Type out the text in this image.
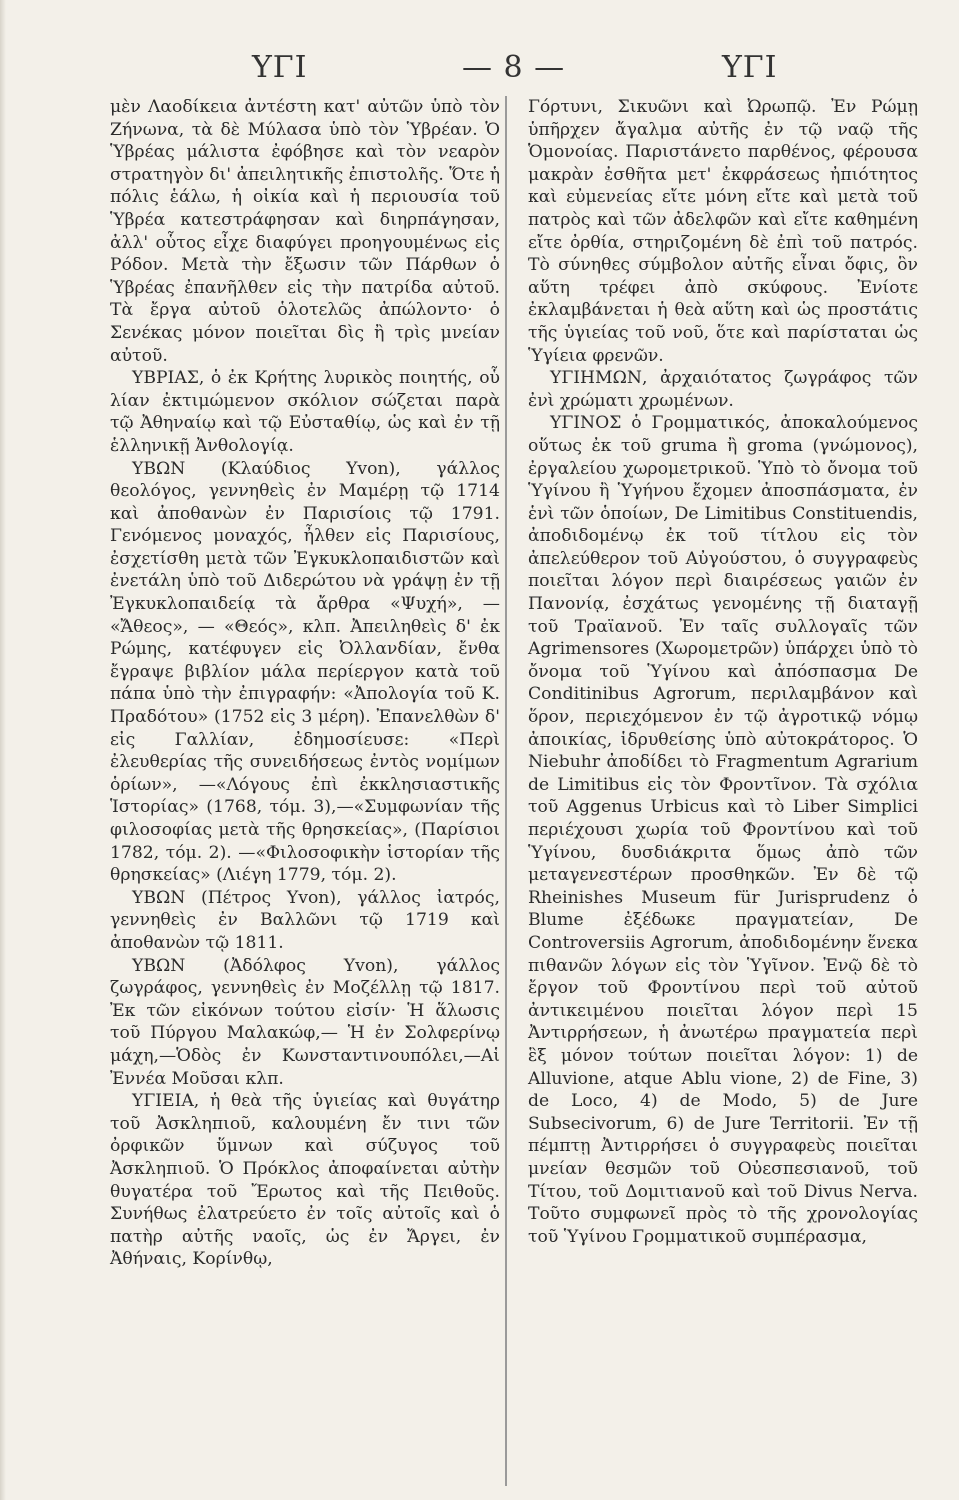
ΥΓΙ	— 8 —	ΥΓΙ

μὲν Λαοδίκεια ἀντέστη κατ' αὐτῶν ὑπὸ τὸν Ζήνωνα, τὰ δὲ Μύλασα ὑπὸ τὸν Ὑβρέαν. Ὁ Ὑβρέας μάλιστα ἐφόβησε καὶ τὸν νεαρὸν στρατηγὸν δι' ἀπειλητικῆς ἐπιστολῆς. Ὅτε ἡ πόλις ἑάλω, ἡ οἰκία καὶ ἡ περιουσία τοῦ Ὑβρέα κατεστράφησαν καὶ διηρπάγησαν, ἀλλ' οὗτος εἶχε διαφύγει προηγουμένως εἰς Ρόδον. Μετὰ τὴν ἔξωσιν τῶν Πάρθων ὁ Ὑβρέας ἐπανῆλθεν εἰς τὴν πατρίδα αὐτοῦ. Τὰ ἔργα αὐτοῦ ὁλοτελῶς ἀπώλοντο· ὁ Σενέκας μόνον ποιεῖται δὶς ἢ τρὶς μνείαν αὐτοῦ.

ΥΒΡΙΑΣ, ὁ ἐκ Κρήτης λυρικὸς ποιητής, οὗ λίαν ἐκτιμώμενον σκόλιον σώζεται παρὰ τῷ Ἀθηναίῳ καὶ τῷ Εὐσταθίῳ, ὡς καὶ ἐν τῇ ἑλληνικῇ Ἀνθολογίᾳ.

ΥΒΩΝ (Κλαύδιος Yvon), γάλλος θεολόγος, γεννηθεὶς ἐν Μαμέρῃ τῷ 1714 καὶ ἀποθανὼν ἐν Παρισίοις τῷ 1791. Γενόμενος μοναχός, ἦλθεν εἰς Παρισίους, ἐσχετίσθη μετὰ τῶν Ἐγκυκλοπαιδιστῶν καὶ ἐνετάλη ὑπὸ τοῦ Διδερώτου νὰ γράψῃ ἐν τῇ Ἐγκυκλοπαιδείᾳ τὰ ἄρθρα «Ψυχή», — «Ἄθεος», — «Θεός», κλπ. Ἀπειληθεὶς δ' ἐκ Ρώμης, κατέφυγεν εἰς Ὀλλανδίαν, ἔνθα ἔγραψε βιβλίον μάλα περίεργον κατὰ τοῦ πάπα ὑπὸ τὴν ἐπιγραφήν: «Ἀπολογία τοῦ Κ. Πραδότου» (1752 εἰς 3 μέρη). Ἐπανελθὼν δ' εἰς Γαλλίαν, ἐδημοσίευσε: «Περὶ ἐλευθερίας τῆς συνειδήσεως ἐντὸς νομίμων ὁρίων», —«Λόγους ἐπὶ ἐκκλησιαστικῆς Ἱστορίας» (1768, τόμ. 3),—«Συμφωνίαν τῆς φιλοσοφίας μετὰ τῆς θρησκείας», (Παρίσιοι 1782, τόμ. 2). —«Φιλοσοφικὴν ἱστορίαν τῆς θρησκείας» (Λιέγη 1779, τόμ. 2).

ΥΒΩΝ (Πέτρος Yvon), γάλλος ἰατρός, γεννηθεὶς ἐν Βαλλῶνι τῷ 1719 καὶ ἀποθανὼν τῷ 1811.

ΥΒΩΝ (Ἀδόλφος Yvon), γάλλος ζωγράφος, γεννηθεὶς ἐν Μοζέλλῃ τῷ 1817. Ἐκ τῶν εἰκόνων τούτου εἰσίν· Ἡ ἅλωσις τοῦ Πύργου Μαλακώφ,— Ἡ ἐν Σολφερίνῳ μάχη,—Ὁδὸς ἐν Κωνσταντινουπόλει,—Αἱ Ἐννέα Μοῦσαι κλπ.

ΥΓΙΕΙΑ, ἡ θεὰ τῆς ὑγιείας καὶ θυγάτηρ τοῦ Ἀσκληπιοῦ, καλουμένη ἔν τινι τῶν ὀρφικῶν ὕμνων καὶ σύζυγος τοῦ Ἀσκληπιοῦ. Ὁ Πρόκλος ἀποφαίνεται αὐτὴν θυγατέρα τοῦ Ἔρωτος καὶ τῆς Πειθοῦς. Συνήθως ἐλατρεύετο ἐν τοῖς αὐτοῖς καὶ ὁ πατὴρ αὐτῆς ναοῖς, ὡς ἐν Ἄργει, ἐν Ἀθήναις, Κορίνθῳ,

Γόρτυνι, Σικυῶνι καὶ Ὠρωπῷ. Ἐν Ρώμῃ ὑπῆρχεν ἄγαλμα αὐτῆς ἐν τῷ ναῷ τῆς Ὁμονοίας. Παριστάνετο παρθένος, φέρουσα μακρὰν ἐσθῆτα μετ' ἐκφράσεως ἠπιότητος καὶ εὐμενείας εἴτε μόνη εἴτε καὶ μετὰ τοῦ πατρὸς καὶ τῶν ἀδελφῶν καὶ εἴτε καθημένη εἴτε ὀρθία, στηριζομένη δὲ ἐπὶ τοῦ πατρός. Τὸ σύνηθες σύμβολον αὐτῆς εἶναι ὄφις, ὃν αὕτη τρέφει ἀπὸ σκύφους. Ἐνίοτε ἐκλαμβάνεται ἡ θεὰ αὕτη καὶ ὡς προστάτις τῆς ὑγιείας τοῦ νοῦ, ὅτε καὶ παρίσταται ὡς Ὑγίεια φρενῶν.

ΥΓΙΗΜΩΝ, ἀρχαιότατος ζωγράφος τῶν ἐνὶ χρώματι χρωμένων.

ΥΓΙΝΟΣ ὁ Γρομματικός, ἀποκαλούμενος οὕτως ἐκ τοῦ gruma ἢ groma (γνώμονος), ἐργαλείου χωρομετρικοῦ. Ὑπὸ τὸ ὄνομα τοῦ Ὑγίνου ἢ Ὑγήνου ἔχομεν ἀποσπάσματα, ἐν ἑνὶ τῶν ὁποίων, De Limitibus Constituendis, ἀποδιδομένῳ ἐκ τοῦ τίτλου εἰς τὸν ἀπελεύθερον τοῦ Αὐγούστου, ὁ συγγραφεὺς ποιεῖται λόγον περὶ διαιρέσεως γαιῶν ἐν Πανονίᾳ, ἐσχάτως γενομένης τῇ διαταγῇ τοῦ Τραϊανοῦ. Ἐν ταῖς συλλογαῖς τῶν Agrimensores (Χωρομετρῶν) ὑπάρχει ὑπὸ τὸ ὄνομα τοῦ Ὑγίνου καὶ ἀπόσπασμα De Conditinibus Agrorum, περιλαμβάνον καὶ ὅρον, περιεχόμενον ἐν τῷ ἀγροτικῷ νόμῳ ἀποικίας, ἱδρυθείσης ὑπὸ αὐτοκράτορος. Ὁ Niebuhr ἀποδίδει τὸ Fragmentum Agrarium de Limitibus εἰς τὸν Φροντῖνον. Τὰ σχόλια τοῦ Aggenus Urbicus καὶ τὸ Liber Simplici περιέχουσι χωρία τοῦ Φροντίνου καὶ τοῦ Ὑγίνου, δυσδιάκριτα ὅμως ἀπὸ τῶν μεταγενεστέρων προσθηκῶν. Ἐν δὲ τῷ Rheinishes Museum für Jurisprudenz ὁ Blume ἐξέδωκε πραγματείαν, De Controversiis Agrorum, ἀποδιδομένην ἕνεκα πιθανῶν λόγων εἰς τὸν Ὑγῖνον. Ἐνῷ δὲ τὸ ἔργον τοῦ Φροντίνου περὶ τοῦ αὐτοῦ ἀντικειμένου ποιεῖται λόγον περὶ 15 Ἀντιρρήσεων, ἡ ἀνωτέρω πραγματεία περὶ ἓξ μόνον τούτων ποιεῖται λόγον: 1) de Alluvione, atque Ablu vione, 2) de Fine, 3) de Loco, 4) de Modo, 5) de Jure Subsecivorum, 6) de Jure Territorii. Ἐν τῇ πέμπτῃ Ἀντιρρήσει ὁ συγγραφεὺς ποιεῖται μνείαν θεσμῶν τοῦ Οὐεσπεσιανοῦ, τοῦ Τίτου, τοῦ Δομιτιανοῦ καὶ τοῦ Divus Nerva. Τοῦτο συμφωνεῖ πρὸς τὸ τῆς χρονολογίας τοῦ Ὑγίνου Γρομματικοῦ συμπέρασμα,
